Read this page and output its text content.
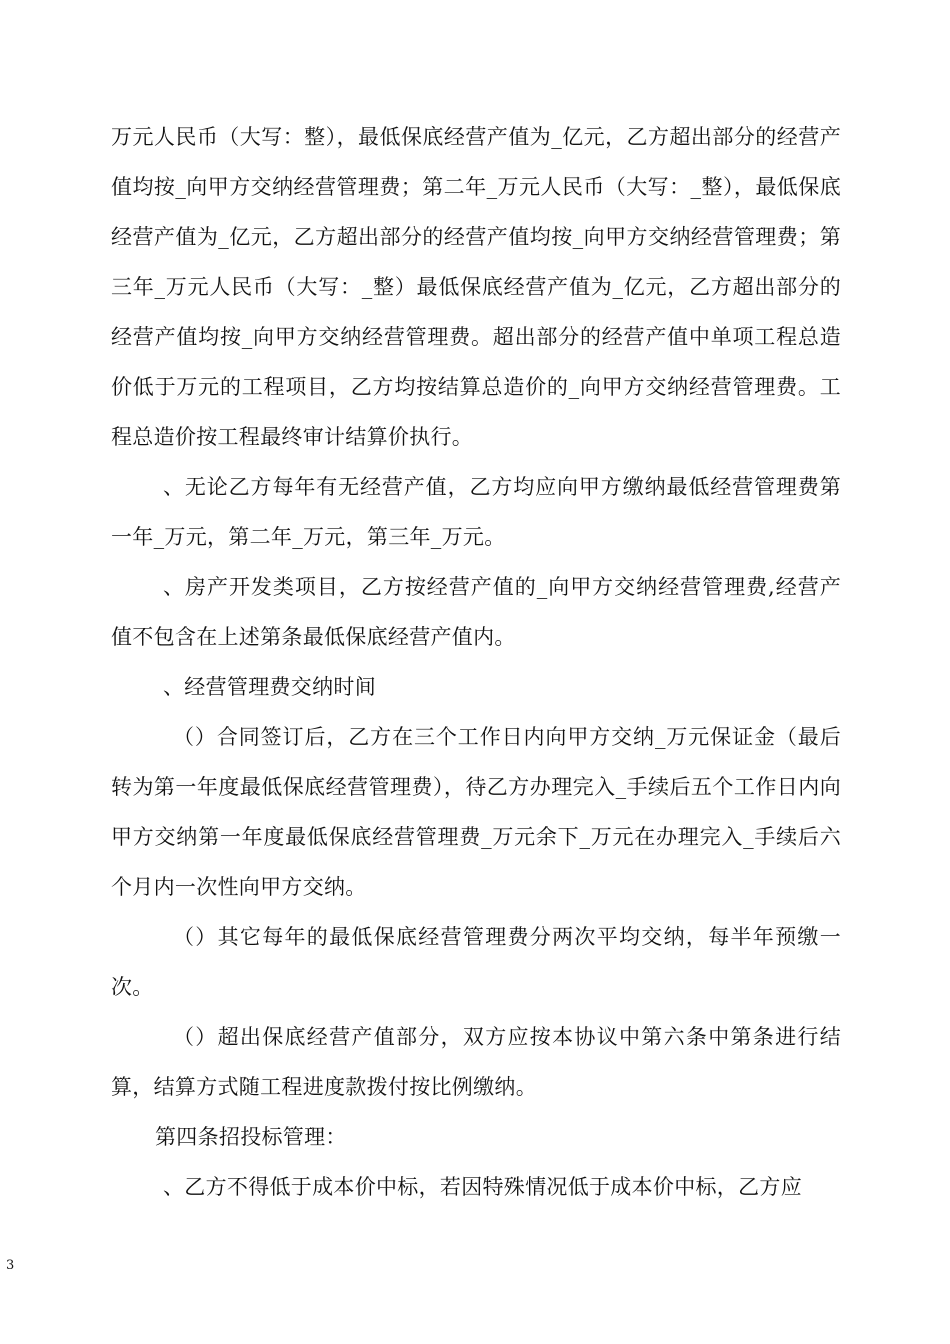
万元人民币（大写：整），最低保底经营产值为_亿元，乙方超出部分的经营产值均按_向甲方交纳经营管理费；第二年_万元人民币（大写：_整），最低保底经营产值为_亿元，乙方超出部分的经营产值均按_向甲方交纳经营管理费；第三年_万元人民币（大写：_整）最低保底经营产值为_亿元，乙方超出部分的经营产值均按_向甲方交纳经营管理费。超出部分的经营产值中单项工程总造价低于万元的工程项目，乙方均按结算总造价的_向甲方交纳经营管理费。工程总造价按工程最终审计结算价执行。

、无论乙方每年有无经营产值，乙方均应向甲方缴纳最低经营管理费第一年_万元，第二年_万元，第三年_万元。

、房产开发类项目，乙方按经营产值的_向甲方交纳经营管理费,经营产值不包含在上述第条最低保底经营产值内。

、经营管理费交纳时间

（）合同签订后，乙方在三个工作日内向甲方交纳_万元保证金（最后转为第一年度最低保底经营管理费），待乙方办理完入_手续后五个工作日内向甲方交纳第一年度最低保底经营管理费_万元余下_万元在办理完入_手续后六个月内一次性向甲方交纳。

（）其它每年的最低保底经营管理费分两次平均交纳，每半年预缴一次。

（）超出保底经营产值部分，双方应按本协议中第六条中第条进行结算，结算方式随工程进度款拨付按比例缴纳。

第四条招投标管理：

、乙方不得低于成本价中标，若因特殊情况低于成本价中标，乙方应

3
